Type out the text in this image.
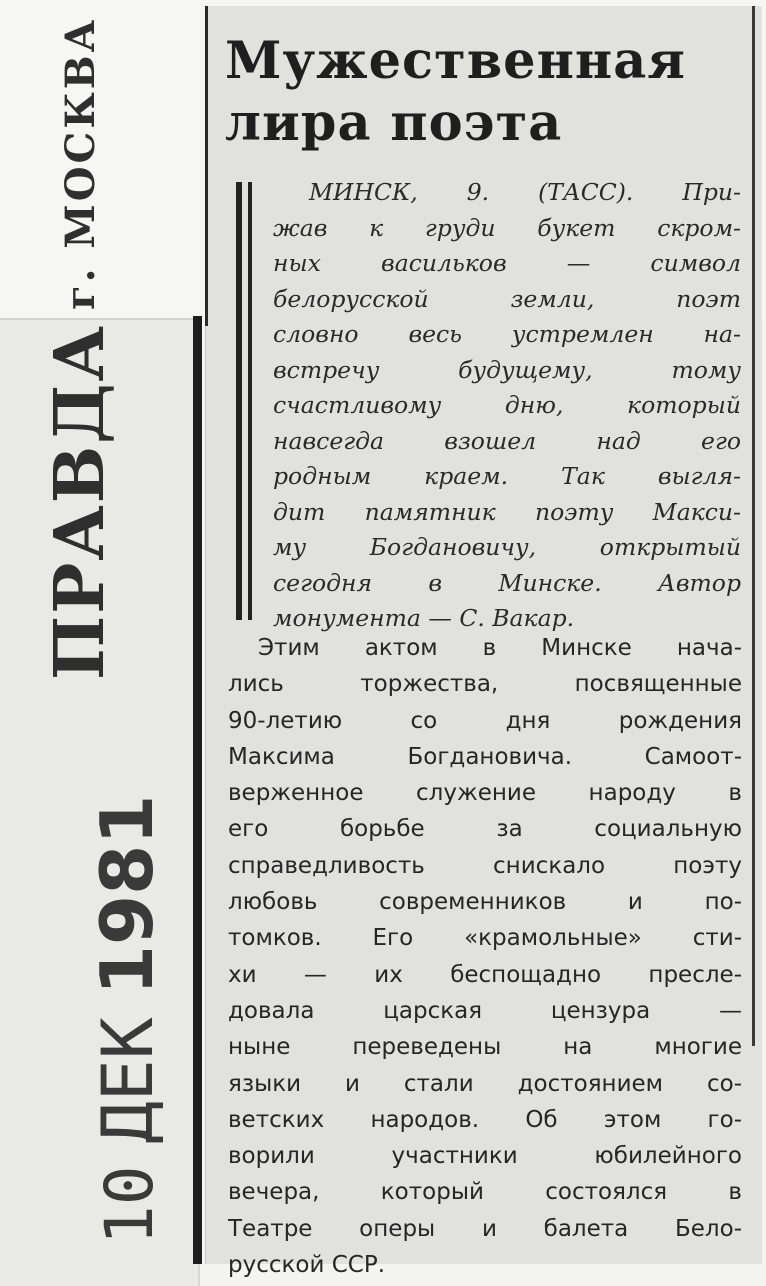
ПРАВДАг. МОСКВА
10ДЕК1981
Мужественная
лира поэта

МИНСК, 9. (ТАСС). При-
жав к груди букет скром-
ных васильков — символ
белорусской земли, поэт
словно весь устремлен на-
встречу будущему, тому
счастливому дню, который
навсегда взошел над его
родным краем. Так выгля-
дит памятник поэту Макси-
му Богдановичу, открытый
сегодня в Минске. Автор
монумента — С. Вакар.

Этим актом в Минске нача-
лись торжества, посвященные
90-летию со дня рождения
Максима Богдановича. Самоот-
верженное служение народу в
его борьбе за социальную
справедливость снискало поэту
любовь современников и по-
томков. Его «крамольные» сти-
хи — их беспощадно пресле-
довала царская цензура —
ныне переведены на многие
языки и стали достоянием со-
ветских народов. Об этом го-
ворили участники юбилейного
вечера, который состоялся в
Театре оперы и балета Бело-
русской ССР.
